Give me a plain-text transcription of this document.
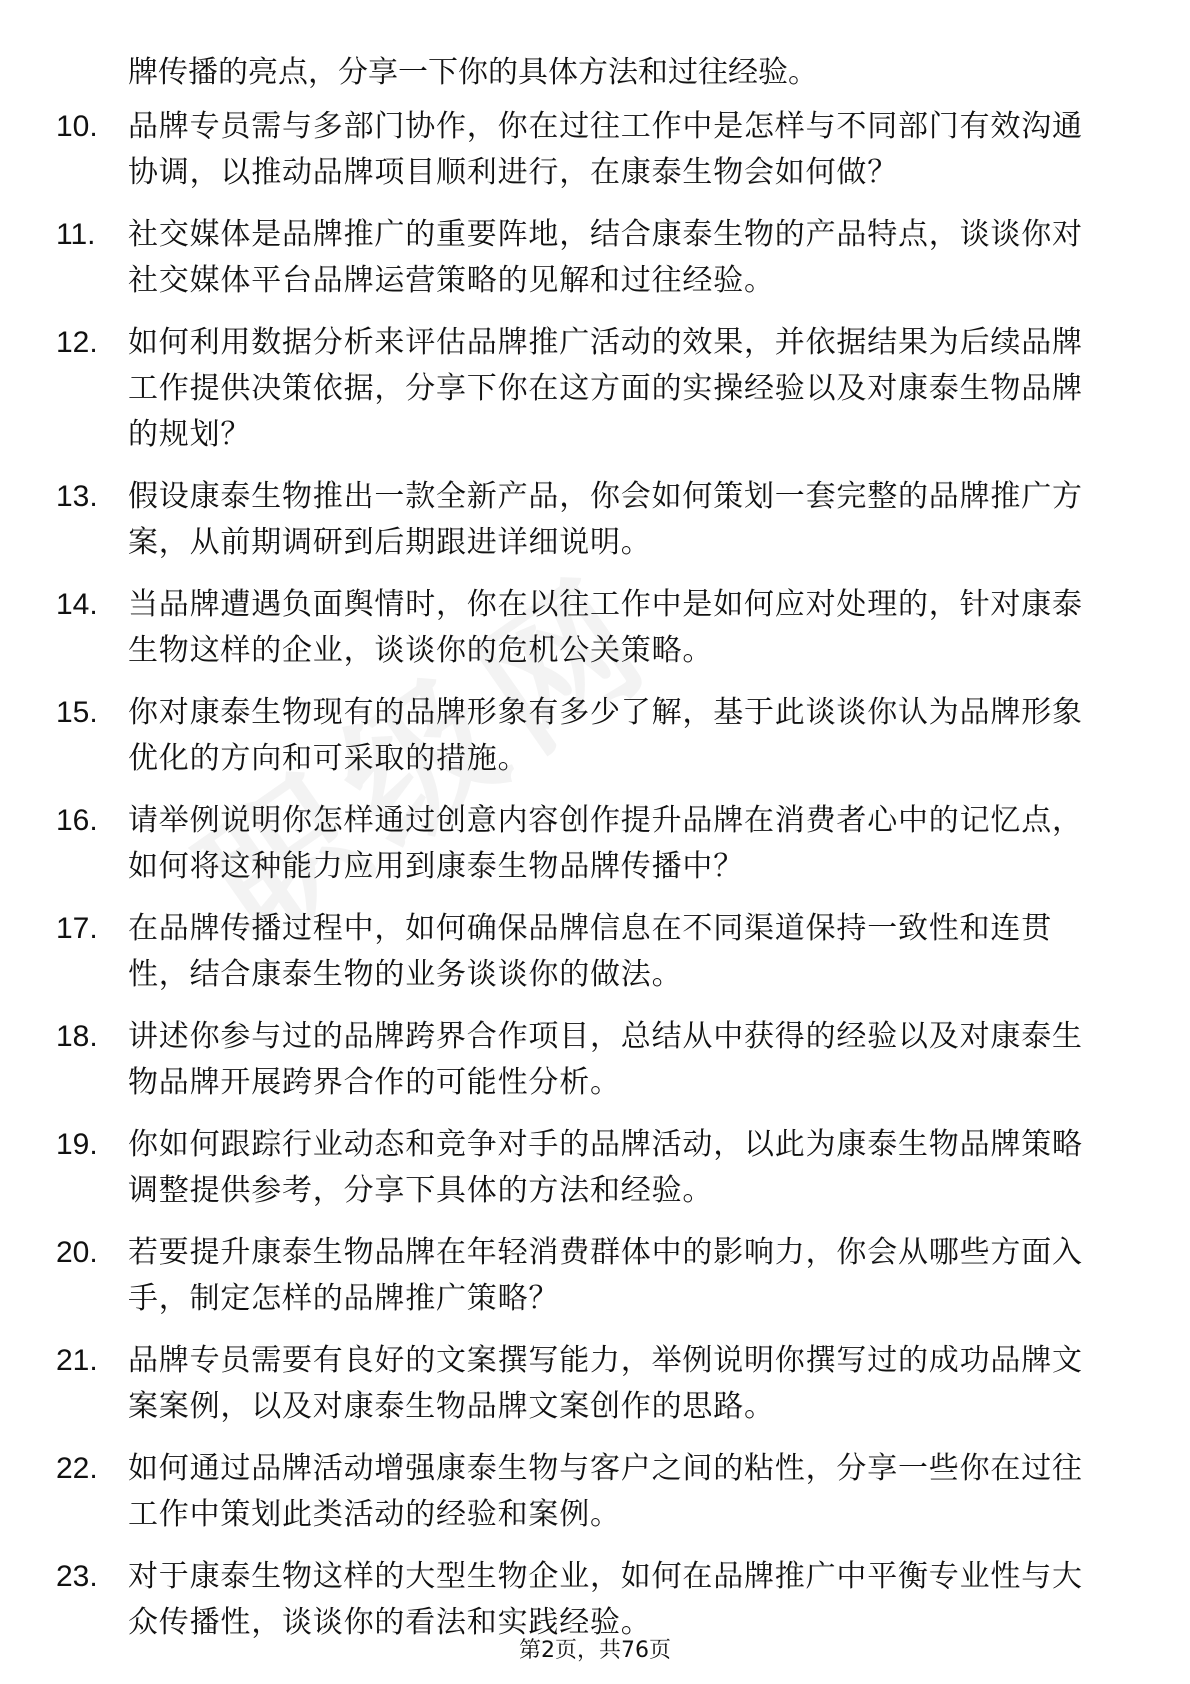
牌传播的亮点，分享一下你的具体方法和过往经验。

10.	品牌专员需与多部门协作，你在过往工作中是怎样与不同部门有效沟通协调，以推动品牌项目顺利进行，在康泰生物会如何做？
11.	社交媒体是品牌推广的重要阵地，结合康泰生物的产品特点，谈谈你对社交媒体平台品牌运营策略的见解和过往经验。
12.	如何利用数据分析来评估品牌推广活动的效果，并依据结果为后续品牌工作提供决策依据，分享下你在这方面的实操经验以及对康泰生物品牌的规划？
13.	假设康泰生物推出一款全新产品，你会如何策划一套完整的品牌推广方案，从前期调研到后期跟进详细说明。
14.	当品牌遭遇负面舆情时，你在以往工作中是如何应对处理的，针对康泰生物这样的企业，谈谈你的危机公关策略。
15.	你对康泰生物现有的品牌形象有多少了解，基于此谈谈你认为品牌形象优化的方向和可采取的措施。
16.	请举例说明你怎样通过创意内容创作提升品牌在消费者心中的记忆点，如何将这种能力应用到康泰生物品牌传播中？
17.	在品牌传播过程中，如何确保品牌信息在不同渠道保持一致性和连贯性，结合康泰生物的业务谈谈你的做法。
18.	讲述你参与过的品牌跨界合作项目，总结从中获得的经验以及对康泰生物品牌开展跨界合作的可能性分析。
19.	你如何跟踪行业动态和竞争对手的品牌活动，以此为康泰生物品牌策略调整提供参考，分享下具体的方法和经验。
20.	若要提升康泰生物品牌在年轻消费群体中的影响力，你会从哪些方面入手，制定怎样的品牌推广策略？
21.	品牌专员需要有良好的文案撰写能力，举例说明你撰写过的成功品牌文案案例，以及对康泰生物品牌文案创作的思路。
22.	如何通过品牌活动增强康泰生物与客户之间的粘性，分享一些你在过往工作中策划此类活动的经验和案例。
23.	对于康泰生物这样的大型生物企业，如何在品牌推广中平衡专业性与大众传播性，谈谈你的看法和实践经验。
第2页，共76页
